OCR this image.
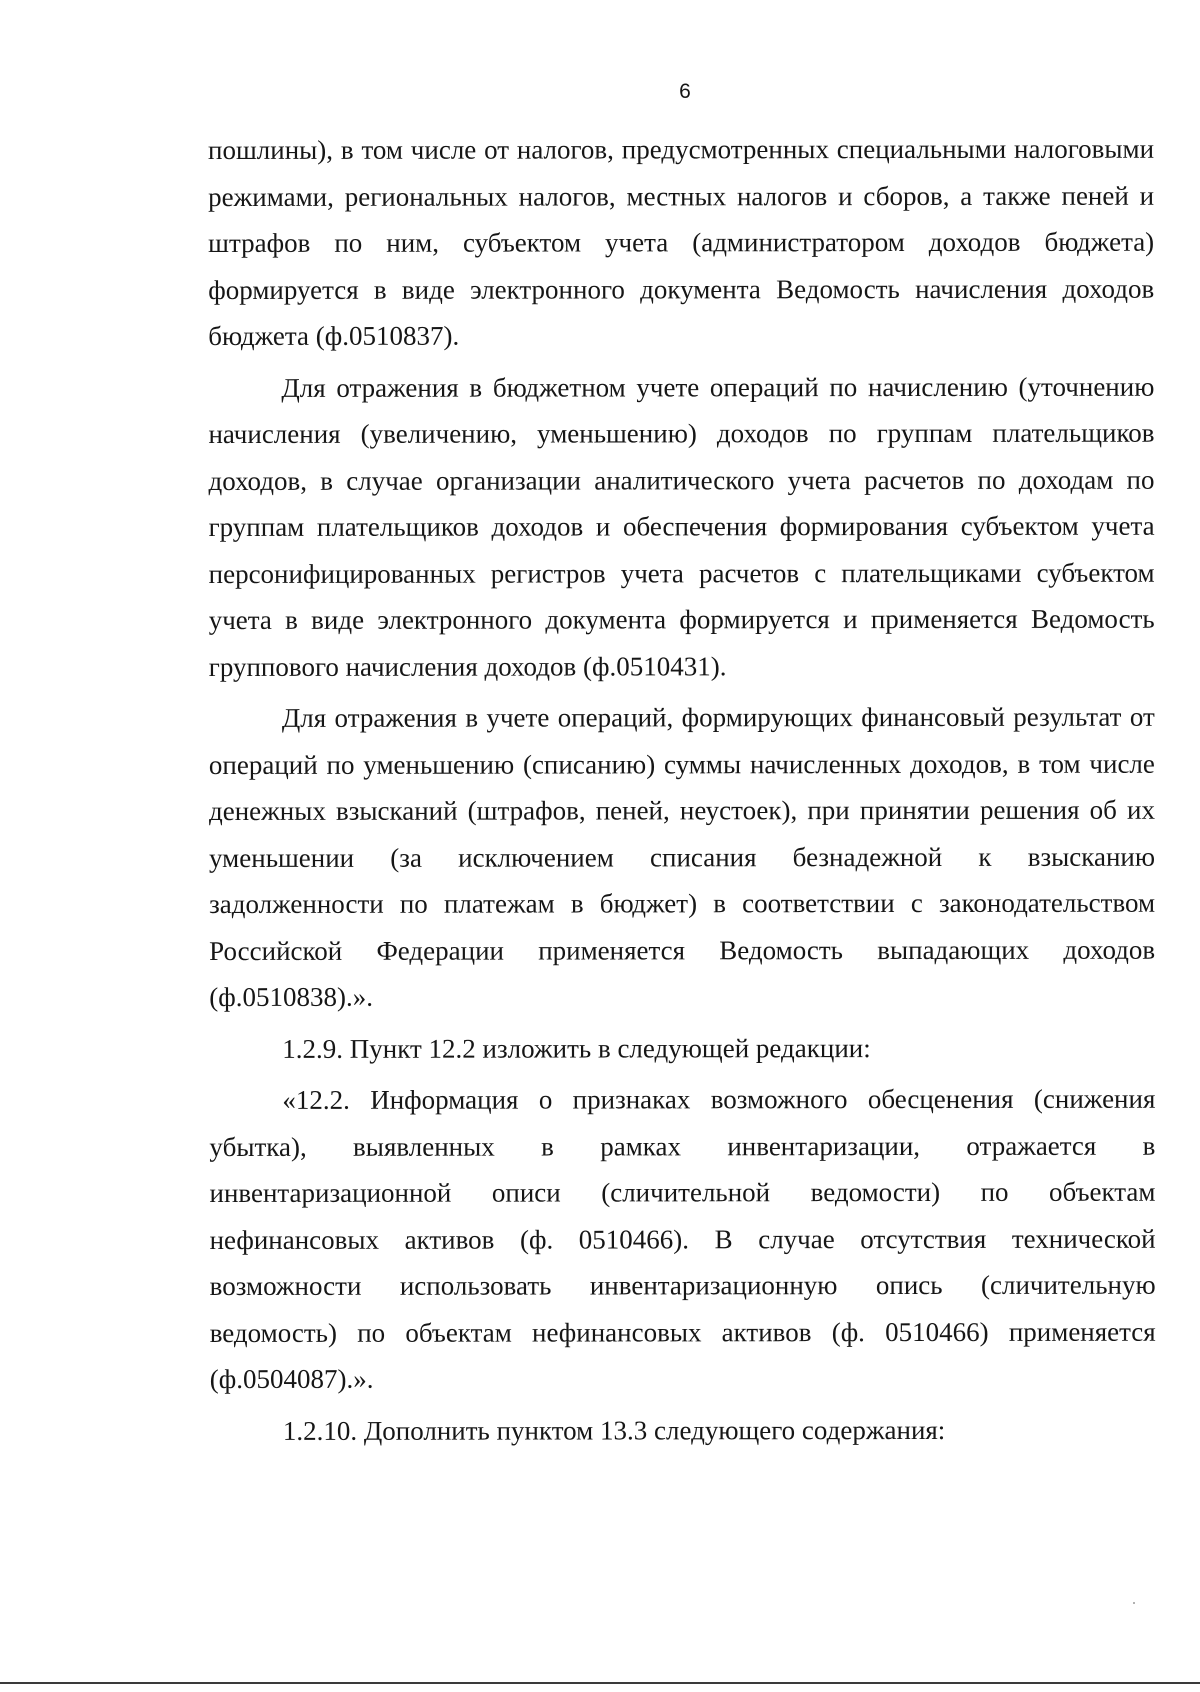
6

пошлины), в том числе от налогов, предусмотренных специальными налоговыми режимами, региональных налогов, местных налогов и сборов, а также пеней и штрафов по ним, субъектом учета (администратором доходов бюджета) формируется в виде электронного документа Ведомость начисления доходов бюджета (ф.0510837).

Для отражения в бюджетном учете операций по начислению (уточнению начисления (увеличению, уменьшению) доходов по группам плательщиков доходов, в случае организации аналитического учета расчетов по доходам по группам плательщиков доходов и обеспечения формирования субъектом учета персонифицированных регистров учета расчетов с плательщиками субъектом учета в виде электронного документа формируется и применяется Ведомость группового начисления доходов (ф.0510431).

Для отражения в учете операций, формирующих финансовый результат от операций по уменьшению (списанию) суммы начисленных доходов, в том числе денежных взысканий (штрафов, пеней, неустоек), при принятии решения об их уменьшении (за исключением списания безнадежной к взысканию задолженности по платежам в бюджет) в соответствии с законодательством Российской Федерации применяется Ведомость выпадающих доходов (ф.0510838).».

1.2.9. Пункт 12.2 изложить в следующей редакции:

«12.2. Информация о признаках возможного обесценения (снижения убытка), выявленных в рамках инвентаризации, отражается в инвентаризационной описи (сличительной ведомости) по объектам нефинансовых активов (ф. 0510466). В случае отсутствия технической возможности использовать инвентаризационную опись (сличительную ведомость) по объектам нефинансовых активов (ф. 0510466) применяется (ф.0504087).».

1.2.10. Дополнить пунктом 13.3 следующего содержания:
